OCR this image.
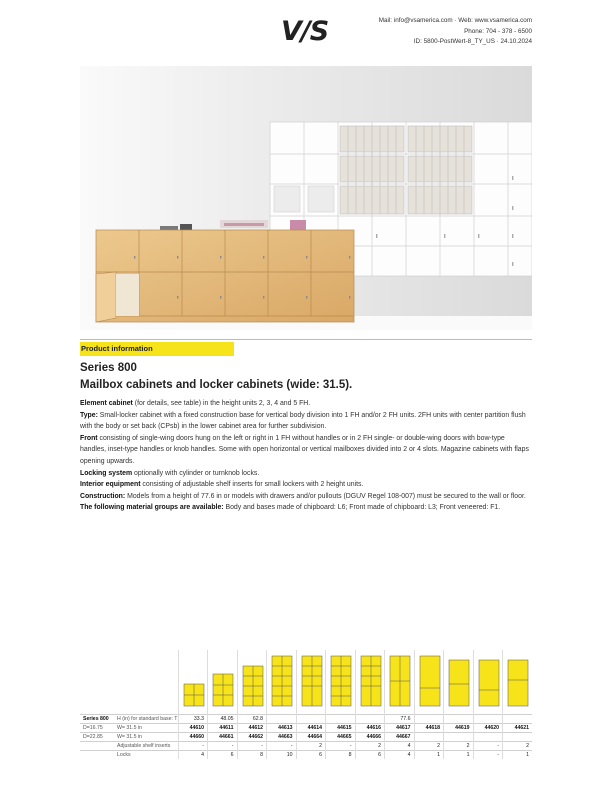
V/S	Mail: info@vsamerica.com · Web: www.vsamerica.com
Phone: 704 - 378 - 6500
ID: 5800-PostWert-8_TY_US · 24.10.2024
Product information
Series 800
Mailbox cabinets and locker cabinets (wide: 31.5).

Element cabinet (for details, see table) in the height units 2, 3, 4 and 5 FH.

Type: Small-locker cabinet with a fixed construction base for vertical body division into 1 FH and/or 2 FH units. 2FH units with center partition flush with the body or set back (CPsb) in the lower cabinet area for further subdivision.

Front consisting of single-wing doors hung on the left or right in 1 FH without handles or in 2 FH single- or double-wing doors with bow-type handles, inset-type handles or knob handles. Some with open horizontal or vertical mailboxes divided into 2 or 4 slots. Magazine cabinets with flaps opening upwards.

Locking system optionally with cylinder or turnknob locks.

Interior equipment consisting of adjustable shelf inserts for small lockers with 2 height units.

Construction: Models from a height of 77.6 in or models with drawers and/or pullouts (DGUV Regel 108-007) must be secured to the wall or floor.

The following material groups are available: Body and bases made of chipboard: L6; Front made of chipboard: L3; Front veneered: F1.

Series 800	H (in) for standard base: T	33.3	48.05	62.8					77.6				
D=16.75	W= 31.5 in	44610	44611	44612	44613	44614	44615	44616	44617	44618	44619	44620	44621
D=22.85	W= 31.5 in	44660	44661	44662	44663	44664	44665	44666	44667				
	Adjustable shelf inserts	-	-	-	-	2	-	2	4	2	2	-	2
	Locks	4	6	8	10	6	8	6	4	1	1	-	1
